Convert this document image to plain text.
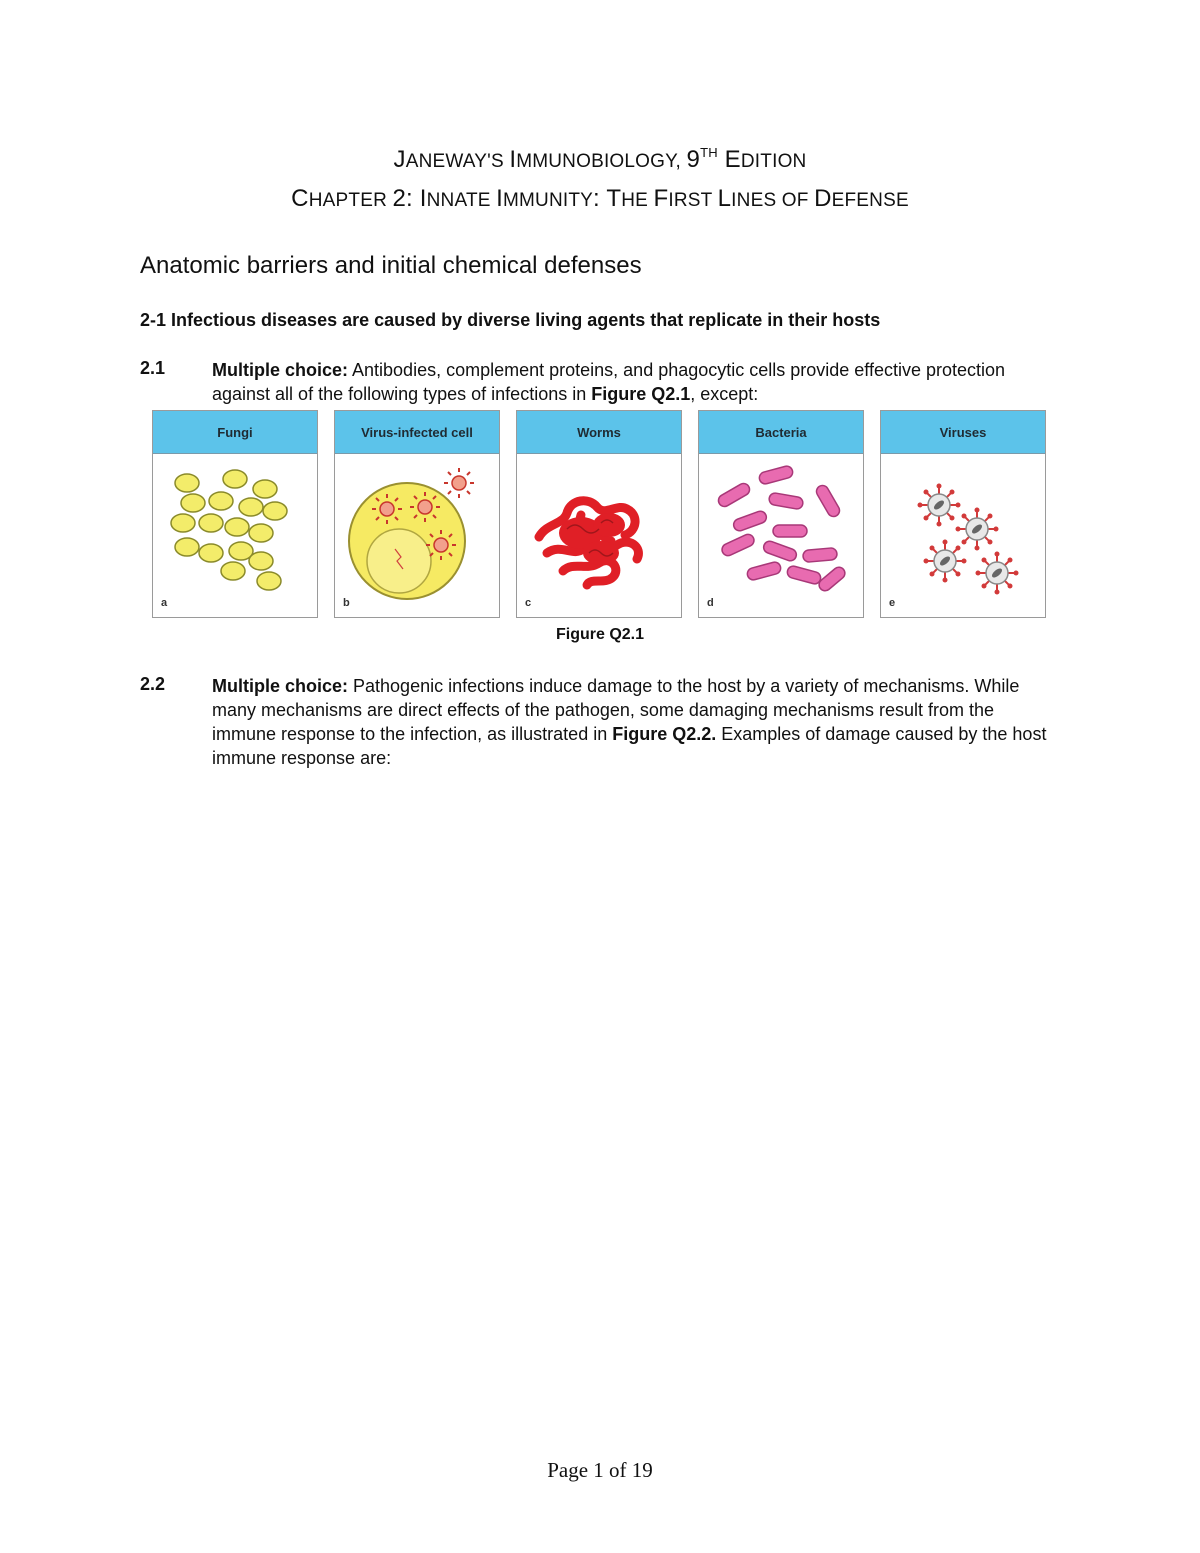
JANEWAY'S IMMUNOBIOLOGY, 9TH EDITION
CHAPTER 2: INNATE IMMUNITY: THE FIRST LINES OF DEFENSE
Anatomic barriers and initial chemical defenses
2-1 Infectious diseases are caused by diverse living agents that replicate in their hosts
2.1	Multiple choice: Antibodies, complement proteins, and phagocytic cells provide effective protection against all of the following types of infections in Figure Q2.1, except:
Fungi
a
Virus-infected cell
b
Worms
c
Bacteria
d
Viruses
e
Figure Q2.1
2.2	Multiple choice: Pathogenic infections induce damage to the host by a variety of mechanisms. While many mechanisms are direct effects of the pathogen, some damaging mechanisms result from the immune response to the infection, as illustrated in Figure Q2.2. Examples of damage caused by the host immune response are:
Page 1 of 19
